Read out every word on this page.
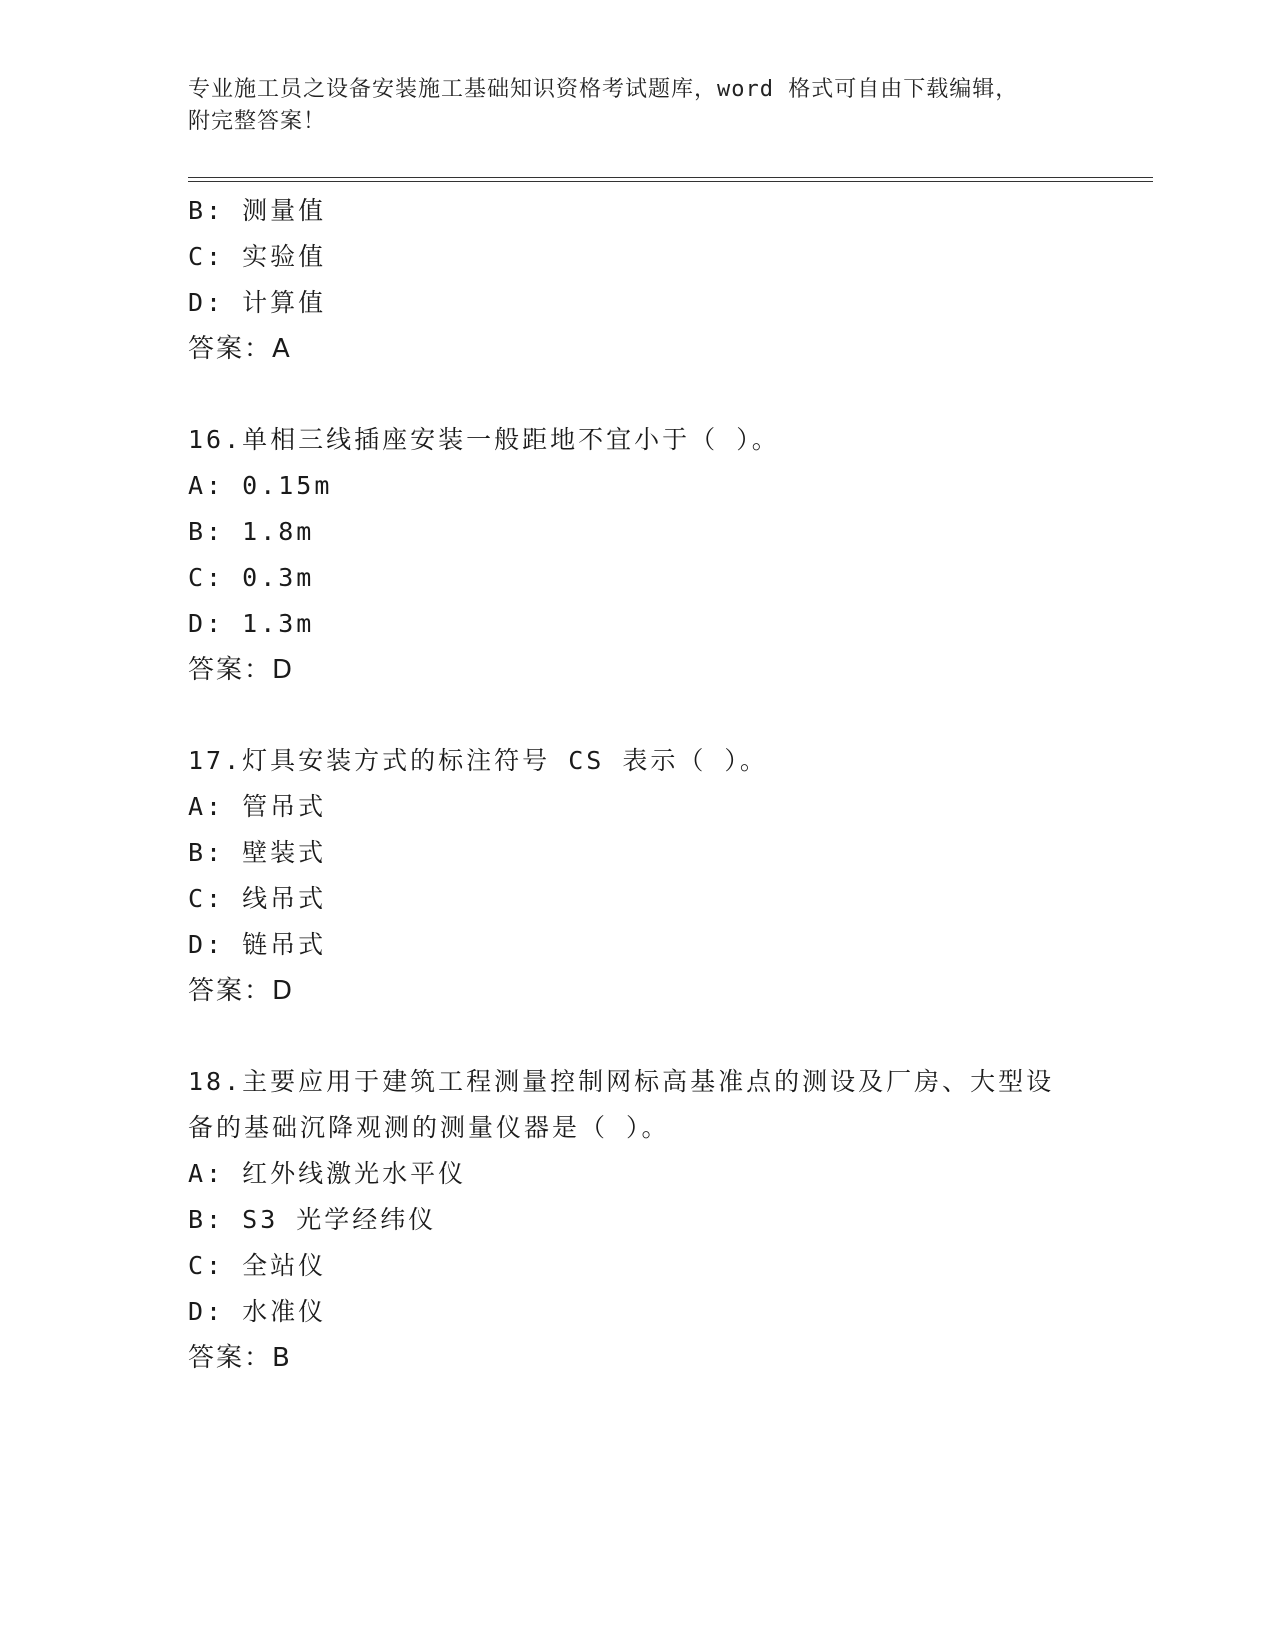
专业施工员之设备安装施工基础知识资格考试题库，word 格式可自由下载编辑，
附完整答案！
B: 测量值
C: 实验值
D: 计算值
答案：A
16.单相三线插座安装一般距地不宜小于（ ）。
A: 0.15m
B: 1.8m
C: 0.3m
D: 1.3m
答案：D
17.灯具安装方式的标注符号 CS 表示（ ）。
A: 管吊式
B: 壁装式
C: 线吊式
D: 链吊式
答案：D
18.主要应用于建筑工程测量控制网标高基准点的测设及厂房、大型设
备的基础沉降观测的测量仪器是（ ）。
A: 红外线激光水平仪
B: S3 光学经纬仪
C: 全站仪
D: 水准仪
答案：B
